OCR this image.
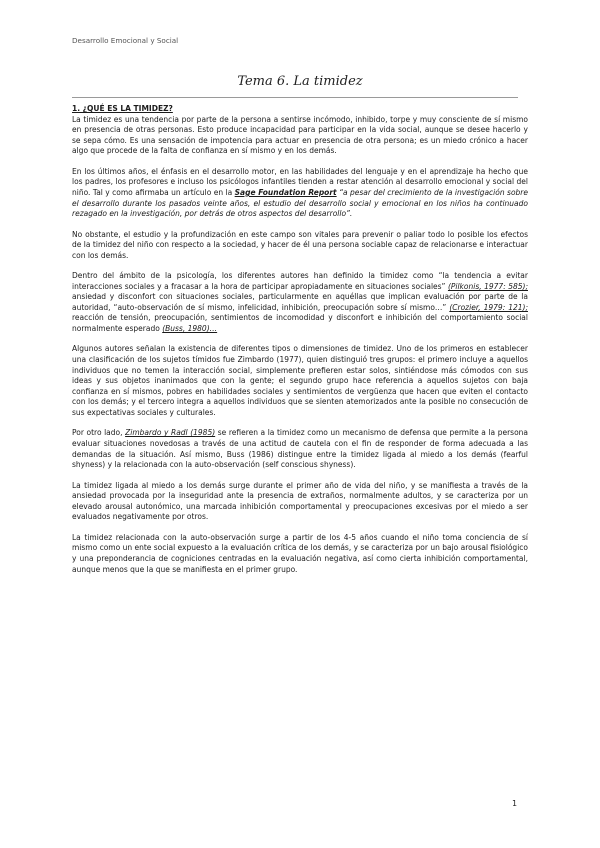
Desarrollo Emocional y Social
Tema 6. La timidez

1. ¿QUÉ ES LA TIMIDEZ?

La timidez es una tendencia por parte de la persona a sentirse incómodo, inhibido, torpe y muy consciente de sí mismo en presencia de otras personas. Esto produce incapacidad para participar en la vida social, aunque se desee hacerlo y se sepa cómo. Es una sensación de impotencia para actuar en presencia de otra persona; es un miedo crónico a hacer algo que procede de la falta de confianza en sí mismo y en los demás.

En los últimos años, el énfasis en el desarrollo motor, en las habilidades del lenguaje y en el aprendizaje ha hecho que los padres, los profesores e incluso los psicólogos infantiles tienden a restar atención al desarrollo emocional y social del niño. Tal y como afirmaba un artículo en la Sage Foundation Report “a pesar del crecimiento de la investigación sobre el desarrollo durante los pasados veinte años, el estudio del desarrollo social y emocional en los niños ha continuado rezagado en la investigación, por detrás de otros aspectos del desarrollo”.

No obstante, el estudio y la profundización en este campo son vitales para prevenir o paliar todo lo posible los efectos de la timidez del niño con respecto a la sociedad, y hacer de él una persona sociable capaz de relacionarse e interactuar con los demás.

Dentro del ámbito de la psicología, los diferentes autores han definido la timidez como “la tendencia a evitar interacciones sociales y a fracasar a la hora de participar apropiadamente en situaciones sociales” (Pilkonis, 1977: 585); ansiedad y disconfort con situaciones sociales, particularmente en aquéllas que implican evaluación por parte de la autoridad, “auto-observación de sí mismo, infelicidad, inhibición, preocupación sobre sí mismo…” (Crozier, 1979: 121); reacción de tensión, preocupación, sentimientos de incomodidad y disconfort e inhibición del comportamiento social normalmente esperado (Buss, 1980)…

Algunos autores señalan la existencia de diferentes tipos o dimensiones de timidez. Uno de los primeros en establecer una clasificación de los sujetos tímidos fue Zimbardo (1977), quien distinguió tres grupos: el primero incluye a aquellos individuos que no temen la interacción social, simplemente prefieren estar solos, sintiéndose más cómodos con sus ideas y sus objetos inanimados que con la gente; el segundo grupo hace referencia a aquellos sujetos con baja confianza en sí mismos, pobres en habilidades sociales y sentimientos de vergüenza que hacen que eviten el contacto con los demás; y el tercero integra a aquellos individuos que se sienten atemorizados ante la posible no consecución de sus expectativas sociales y culturales.

Por otro lado, Zimbardo y Radl (1985) se refieren a la timidez como un mecanismo de defensa que permite a la persona evaluar situaciones novedosas a través de una actitud de cautela con el fin de responder de forma adecuada a las demandas de la situación. Así mismo, Buss (1986) distingue entre la timidez ligada al miedo a los demás (fearful shyness) y la relacionada con la auto-observación (self conscious shyness).

La timidez ligada al miedo a los demás surge durante el primer año de vida del niño, y se manifiesta a través de la ansiedad provocada por la inseguridad ante la presencia de extraños, normalmente adultos, y se caracteriza por un elevado arousal autonómico, una marcada inhibición comportamental y preocupaciones excesivas por el miedo a ser evaluados negativamente por otros.

La timidez relacionada con la auto-observación surge a partir de los 4-5 años cuando el niño toma conciencia de sí mismo como un ente social expuesto a la evaluación crítica de los demás, y se caracteriza por un bajo arousal fisiológico y una preponderancia de cogniciones centradas en la evaluación negativa, así como cierta inhibición comportamental, aunque menos que la que se manifiesta en el primer grupo.

1
